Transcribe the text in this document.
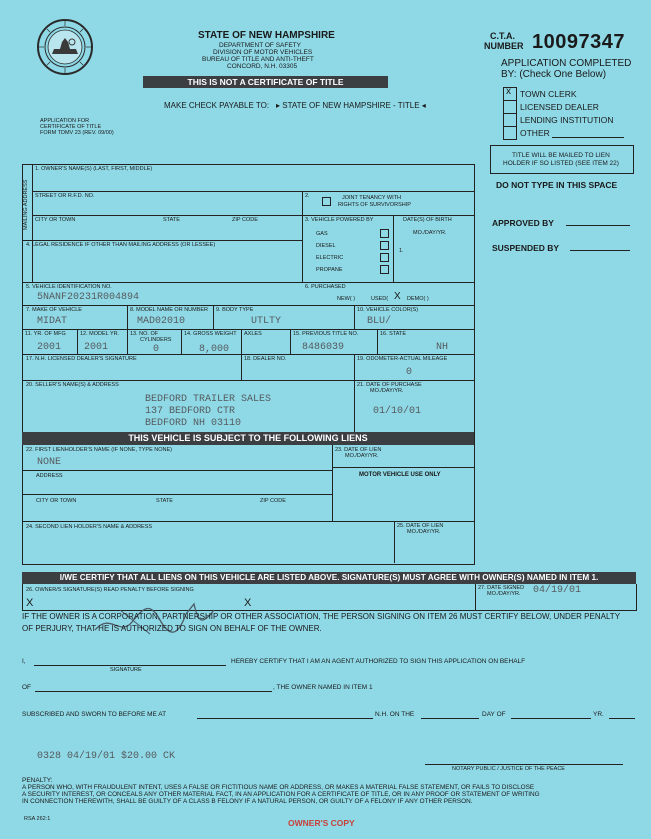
STATE OF NEW HAMPSHIRE
DEPARTMENT OF SAFETY
DIVISION OF MOTOR VEHICLES
BUREAU OF TITLE AND ANTI-THEFT
CONCORD, N.H. 03305
THIS IS NOT A CERTIFICATE OF TITLE
MAKE CHECK PAYABLE TO: ▸ STATE OF NEW HAMPSHIRE - TITLE ◂
APPLICATION FOR
CERTIFICATE OF TITLE
FORM TDMV 23 (REV. 09/00)
C.T.A.
NUMBER 10097347
APPLICATION COMPLETED
BY: (Check One Below)
x TOWN CLERK
LICENSED DEALER
LENDING INSTITUTION
OTHER
TITLE WILL BE MAILED TO LIEN
HOLDER IF SO LISTED (SEE ITEM 22)
DO NOT TYPE IN THIS SPACE
APPROVED BY
SUSPENDED BY
MAILING ADDRESS
1. OWNER'S NAME(S) (LAST, FIRST, MIDDLE)
STREET OR R.F.D. NO.	2.	JOINT TENANCY WITH
RIGHTS OF SURVIVORSHIP
CITY OR TOWN	STATE	ZIP CODE	3. VEHICLE POWERED BY	DATE(S) OF BIRTH
MO./DAY/YR.
GAS
DIESEL
ELECTRIC
PROPANE
1.
4. LEGAL RESIDENCE IF OTHER THAN MAILING ADDRESS (OR LESSEE)
5. VEHICLE IDENTIFICATION NO.
5NANF20231R004894
6. PURCHASED
NEW( )	USED( X DEMO( )
7. MAKE OF VEHICLE
MIDAT
8. MODEL NAME OR NUMBER
MAD02010
9. BODY TYPE
UTLTY
10. VEHICLE COLOR(S)
BLU/
11. YR. OF MFG
2001
12. MODEL YR.
2001
13. NO. OF
CYLINDERS
0
14. GROSS WEIGHT
8,000
AXLES	15. PREVIOUS TITLE NO.
8486039
16. STATE
NH
17. N.H. LICENSED DEALER'S SIGNATURE	18. DEALER NO.	19. ODOMETER-ACTUAL MILEAGE
0
20. SELLER'S NAME(S) & ADDRESS
BEDFORD TRAILER SALES
137 BEDFORD CTR
BEDFORD NH 03110
21. DATE OF PURCHASE
MO./DAY/YR.
01/10/01
THIS VEHICLE IS SUBJECT TO THE FOLLOWING LIENS
22. FIRST LIENHOLDER'S NAME (IF NONE, TYPE NONE)
NONE
23. DATE OF LIEN
MO./DAY/YR.
MOTOR VEHICLE USE ONLY
ADDRESS
CITY OR TOWN	STATE	ZIP CODE
24. SECOND LIEN HOLDER'S NAME & ADDRESS	25. DATE OF LIEN
MO./DAY/YR.
I/WE CERTIFY THAT ALL LIENS ON THIS VEHICLE ARE LISTED ABOVE. SIGNATURE(S) MUST AGREE WITH OWNER(S) NAMED IN ITEM 1.
26. OWNER/S SIGNATURE(S) READ PENALTY BEFORE SIGNING
X	X
27. DATE SIGNED
MO./DAY/YR. 04/19/01
IF THE OWNER IS A CORPORATION, PARTNERSHIP OR OTHER ASSOCIATION, THE PERSON SIGNING ON ITEM 26 MUST CERTIFY BELOW, UNDER PENALTY
OF PERJURY, THAT HE IS AUTHORIZED TO SIGN ON BEHALF OF THE OWNER.
I,
SIGNATURE
HEREBY CERTIFY THAT I AM AN AGENT AUTHORIZED TO SIGN THIS APPLICATION ON BEHALF
OF	, THE OWNER NAMED IN ITEM 1
SUBSCRIBED AND SWORN TO BEFORE ME AT	N.H. ON THE	DAY OF	YR.
0328 04/19/01 $20.00 CK
NOTARY PUBLIC / JUSTICE OF THE PEACE
PENALTY:
A PERSON WHO, WITH FRAUDULENT INTENT, USES A FALSE OR FICTITIOUS NAME OR ADDRESS, OR MAKES A MATERIAL FALSE STATEMENT, OR FAILS TO DISCLOSE
A SECURITY INTEREST, OR CONCEALS ANY OTHER MATERIAL FACT, IN AN APPLICATION FOR A CERTIFICATE OF TITLE, OR IN ANY PROOF OR STATEMENT OF WRITING
IN CONNECTION THEREWITH, SHALL BE GUILTY OF A CLASS B FELONY IF A NATURAL PERSON, OR GUILTY OF A FELONY IF ANY OTHER PERSON.
RSA 262:1	OWNER'S COPY
